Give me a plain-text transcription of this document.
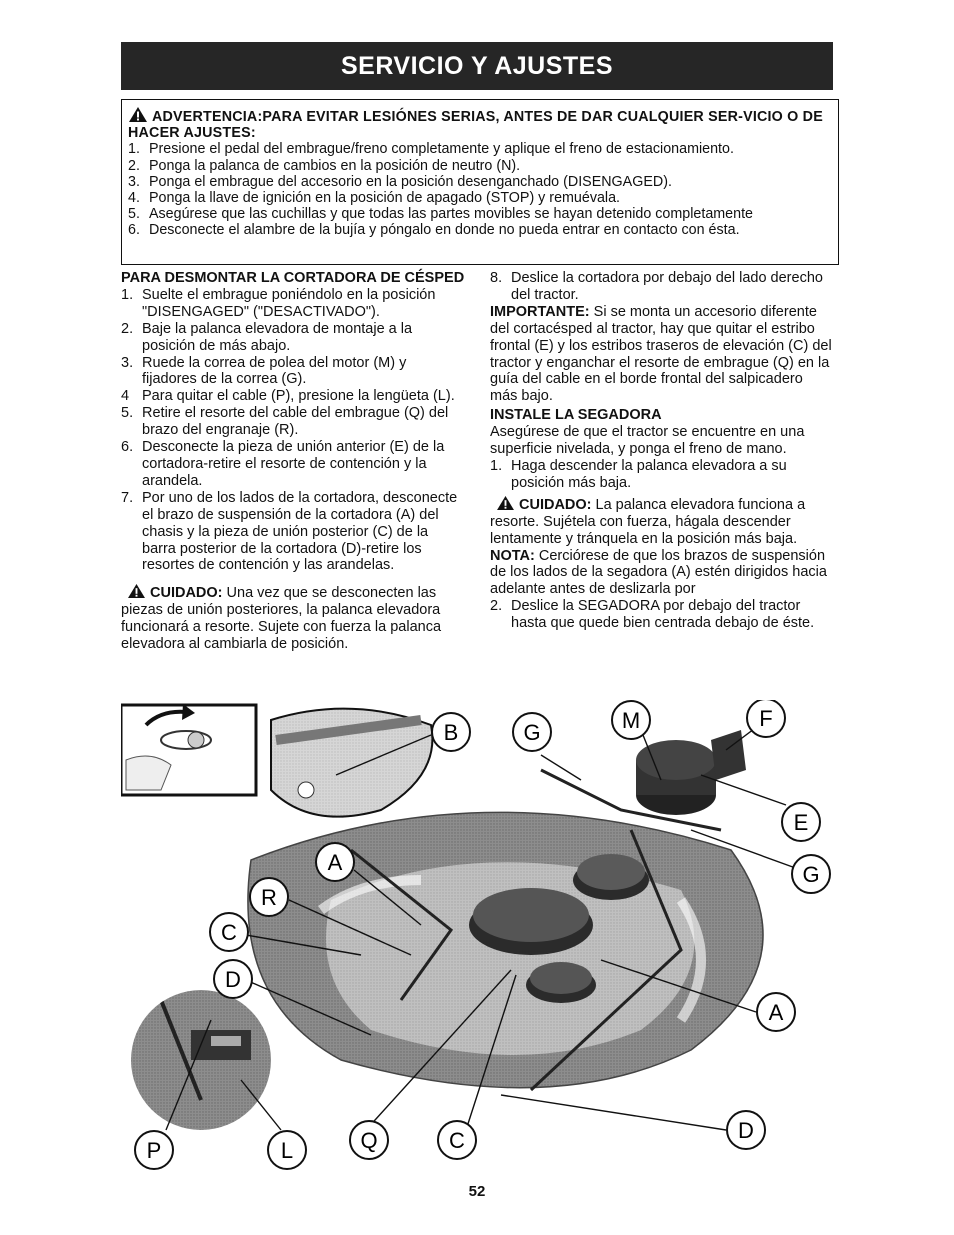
SERVICIO Y AJUSTES
ADVERTENCIA:PARA EVITAR LESIÓNES SERIAS, ANTES DE DAR CUALQUIER SER-VICIO O DE HACER AJUSTES:
1. Presione el pedal del embrague/freno completamente y aplique el freno de estacionamiento.
2. Ponga la palanca de cambios en la posición de neutro (N).
3. Ponga el embrague del accesorio en la posición desenganchado (DISENGAGED).
4. Ponga la llave de ignición en la posición de apagado (STOP) y remuévala.
5. Asegúrese que las cuchillas y que todas las partes movibles se hayan detenido completamente
6. Desconecte el alambre de la bujía y póngalo en donde no pueda entrar en contacto con ésta.
PARA DESMONTAR LA CORTADORA DE CÉSPED
1. Suelte el embrague poniéndolo en la posición "DISENGAGED" ("DESACTIVADO").
2. Baje la palanca elevadora de montaje a la posición de más abajo.
3. Ruede la correa de polea del motor (M) y fijadores de la correa (G).
4 Para quitar el cable (P), presione la lengüeta (L).
5. Retire el resorte del cable del embrague (Q) del brazo del engranaje (R).
6. Desconecte la pieza de unión anterior (E) de la cortadora-retire el resorte de contención y la arandela.
7. Por uno de los lados de la cortadora, desconecte el brazo de suspensión de la cortadora (A) del chasis y la pieza de unión posterior (C) de la barra posterior de la cortadora (D)-retire los resortes de contención y las arandelas.

CUIDADO: Una vez que se desconecten las piezas de unión posteriores, la palanca elevadora funcionará a resorte. Sujete con fuerza la palanca elevadora al cambiarla de posición.

8. Deslice la cortadora por debajo del lado derecho del tractor.

IMPORTANTE: Si se monta un accesorio diferente del cortacésped al tractor, hay que quitar el estribo frontal (E) y los estribos traseros de elevación (C) del tractor y enganchar el resorte de embrague (Q) en la guía del cable en el borde frontal del salpicadero más bajo.

INSTALE LA SEGADORA

Asegúrese de que el tractor se encuentre en una superficie nivelada, y ponga el freno de mano.

1. Haga descender la palanca elevadora a su posición más baja.

CUIDADO: La palanca elevadora funciona a resorte. Sujétela con fuerza, hágala descender lentamente y tránquela en la posición más baja.

NOTA: Cerciórese de que los brazos de suspensión de los lados de la segadora (A) estén dirigidos hacia adelante antes de deslizarla por

2. Deslice la SEGADORA por debajo del tractor hasta que quede bien centrada debajo de éste.
B	G	M	F
E
G
A
R
C
D
A
D
P	L	Q	C
52
